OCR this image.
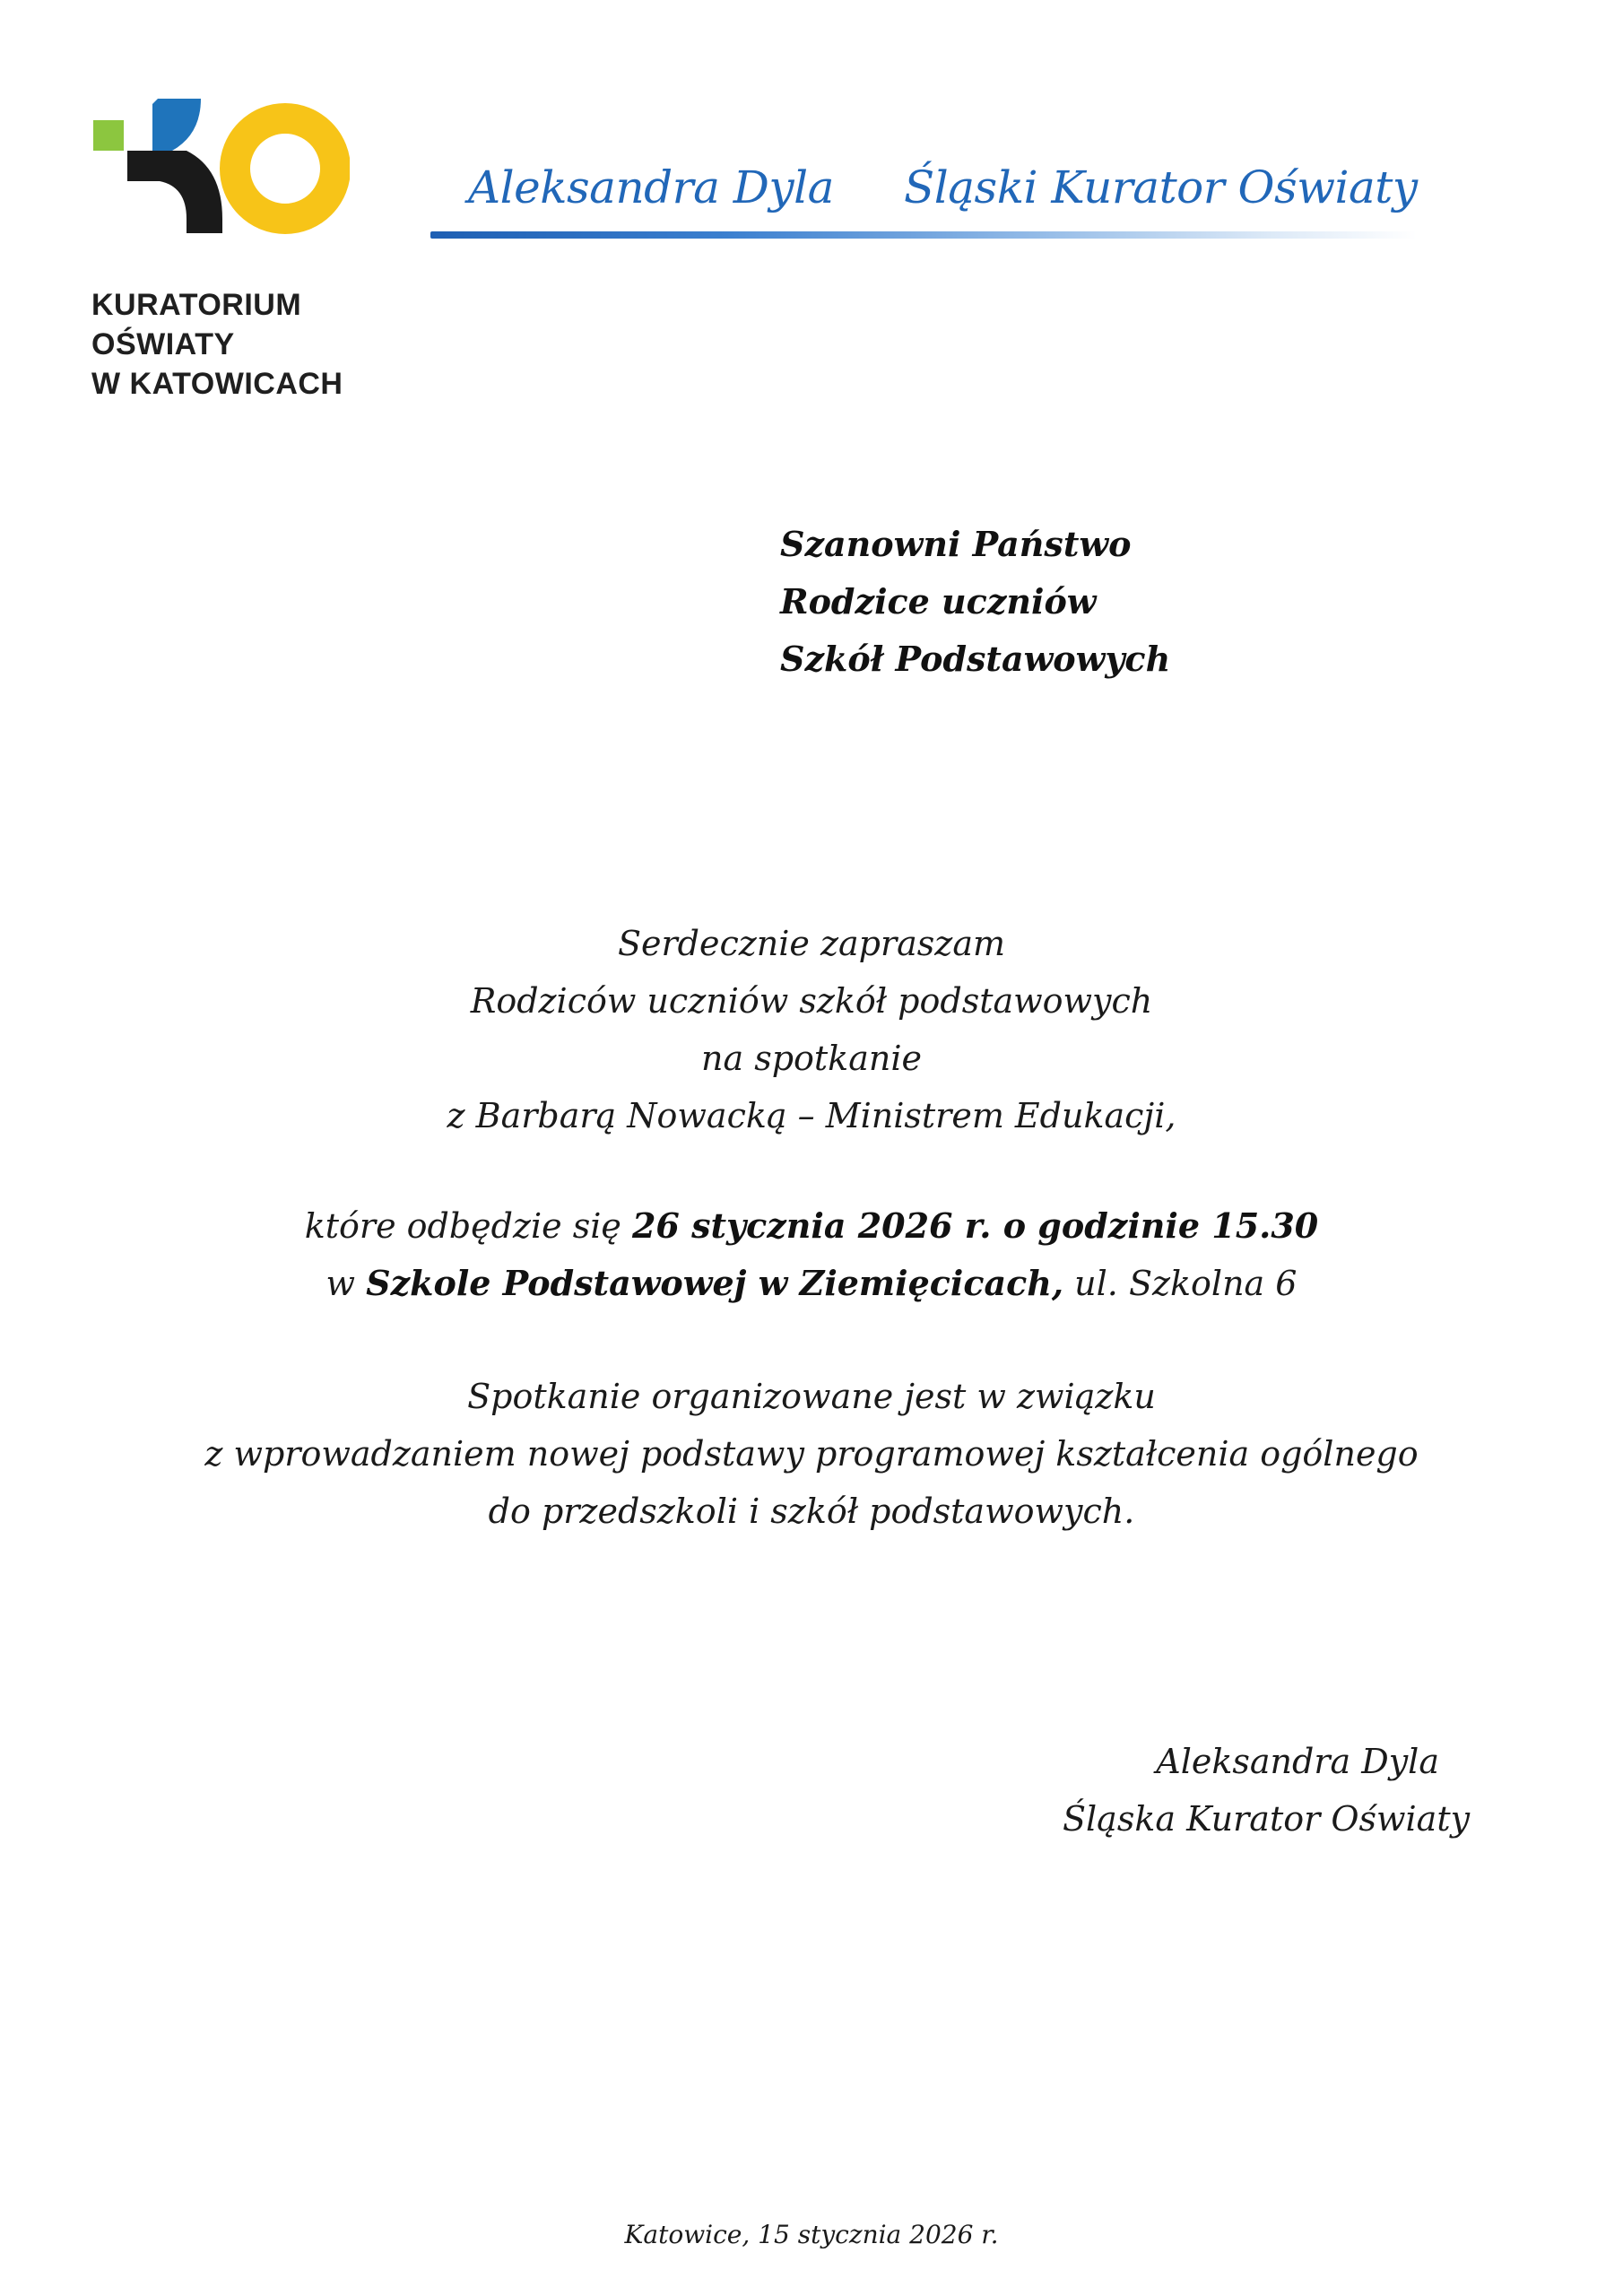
KURATORIUM
OŚWIATY
W KATOWICACH
Aleksandra Dyla Śląski Kurator Oświaty
Szanowni Państwo
Rodzice uczniów
Szkół Podstawowych
Serdecznie zapraszam
Rodziców uczniów szkół podstawowych
na spotkanie
z Barbarą Nowacką – Ministrem Edukacji,
które odbędzie się 26 stycznia 2026 r. o godzinie 15.30
w Szkole Podstawowej w Ziemięcicach, ul. Szkolna 6
Spotkanie organizowane jest w związku
z wprowadzaniem nowej podstawy programowej kształcenia ogólnego
do przedszkoli i szkół podstawowych.
Aleksandra Dyla
Śląska Kurator Oświaty
Katowice, 15 stycznia 2026 r.
